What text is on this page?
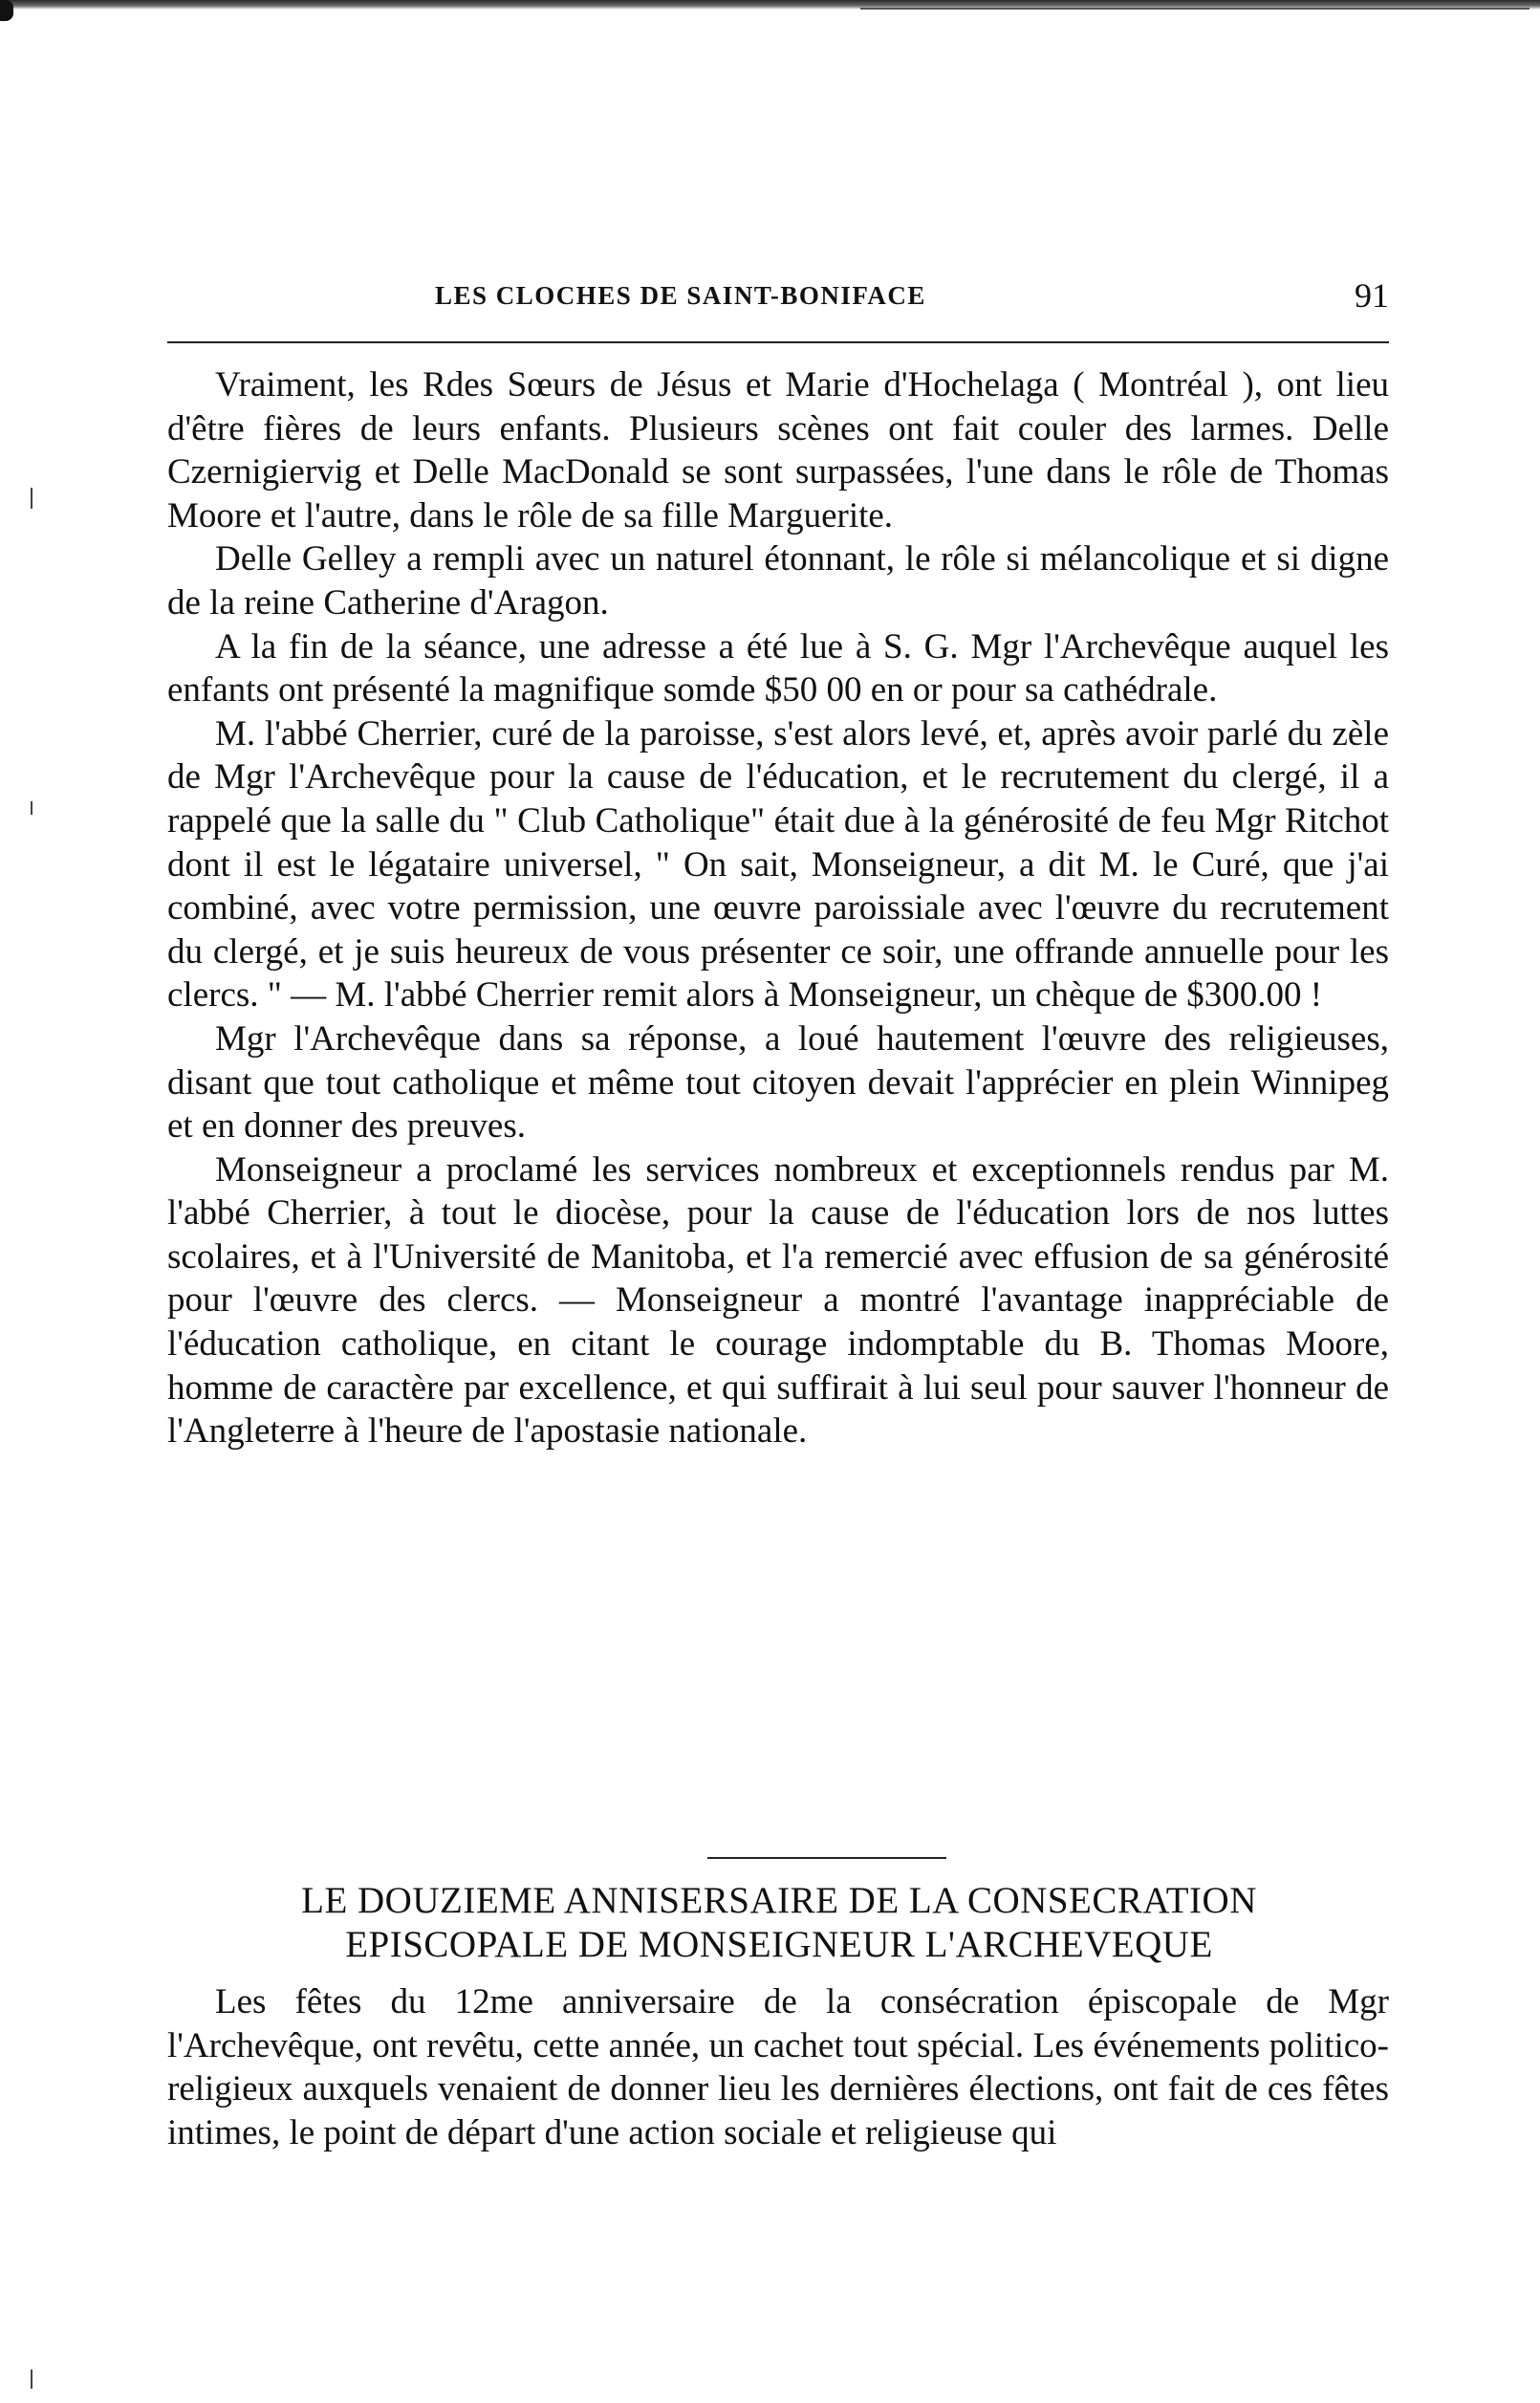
LES CLOCHES DE SAINT-BONIFACE	91

Vraiment, les Rdes Sœurs de Jésus et Marie d'Hochelaga ( Montréal ), ont lieu d'être fières de leurs enfants. Plusieurs scènes ont fait couler des larmes. Delle Czernigiervig et Delle MacDonald se sont surpassées, l'une dans le rôle de Thomas Moore et l'autre, dans le rôle de sa fille Marguerite.

Delle Gelley a rempli avec un naturel étonnant, le rôle si mélancolique et si digne de la reine Catherine d'Aragon.

A la fin de la séance, une adresse a été lue à S. G. Mgr l'Archevêque auquel les enfants ont présenté la magnifique somde $50 00 en or pour sa cathédrale.

M. l'abbé Cherrier, curé de la paroisse, s'est alors levé, et, après avoir parlé du zèle de Mgr l'Archevêque pour la cause de l'éducation, et le recrutement du clergé, il a rappelé que la salle du " Club Catholique" était due à la générosité de feu Mgr Ritchot dont il est le légataire universel, " On sait, Monseigneur, a dit M. le Curé, que j'ai combiné, avec votre permission, une œuvre paroissiale avec l'œuvre du recrutement du clergé, et je suis heureux de vous présenter ce soir, une offrande annuelle pour les clercs. " — M. l'abbé Cherrier remit alors à Monseigneur, un chèque de $300.00 !

Mgr l'Archevêque dans sa réponse, a loué hautement l'œuvre des religieuses, disant que tout catholique et même tout citoyen devait l'apprécier en plein Winnipeg et en donner des preuves.

Monseigneur a proclamé les services nombreux et exceptionnels rendus par M. l'abbé Cherrier, à tout le diocèse, pour la cause de l'éducation lors de nos luttes scolaires, et à l'Université de Manitoba, et l'a remercié avec effusion de sa générosité pour l'œuvre des clercs. — Monseigneur a montré l'avantage inappréciable de l'éducation catholique, en citant le courage indomptable du B. Thomas Moore, homme de caractère par excellence, et qui suffirait à lui seul pour sauver l'honneur de l'Angleterre à l'heure de l'apostasie nationale.

LE DOUZIEME ANNISERSAIRE DE LA CONSECRATION
EPISCOPALE DE MONSEIGNEUR L'ARCHEVEQUE

Les fêtes du 12me anniversaire de la consécration épiscopale de Mgr l'Archevêque, ont revêtu, cette année, un cachet tout spécial. Les événements politico-religieux auxquels venaient de donner lieu les dernières élections, ont fait de ces fêtes intimes, le point de départ d'une action sociale et religieuse qui
